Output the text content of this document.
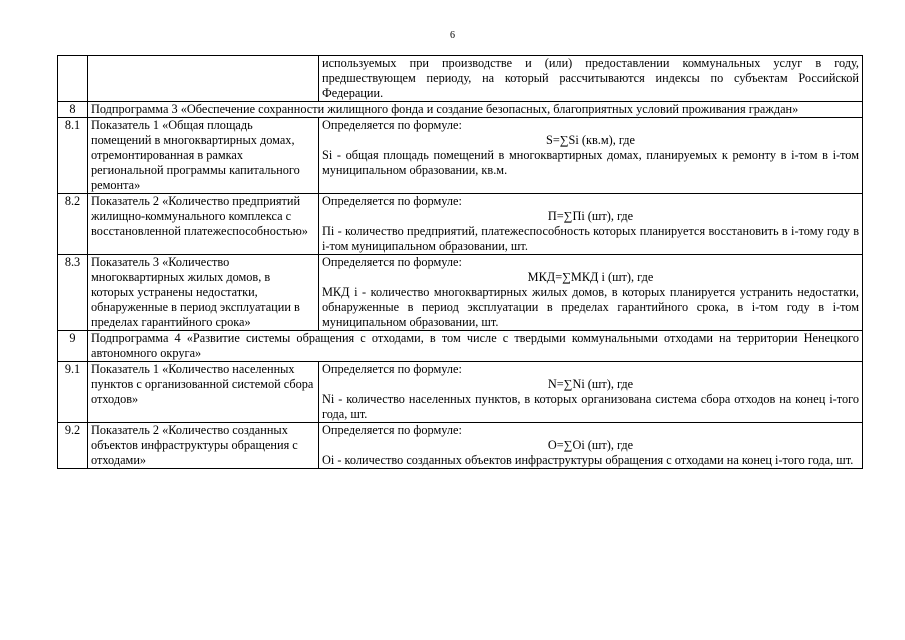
6
		используемых при производстве и (или) предоставлении коммунальных услуг в году, предшествующем периоду, на который рассчитываются индексы по субъектам Российской Федерации.
8	Подпрограмма 3 «Обеспечение сохранности жилищного фонда и создание безопасных, благоприятных условий проживания граждан»	
8.1	Показатель 1 «Общая площадь помещений в многоквартирных домах, отремонтированная в рамках региональной программы капитального ремонта»	Определяется по формуле:
S=∑Si (кв.м), где
Si - общая площадь помещений в многоквартирных домах, планируемых к ремонту в i-том в i-том муниципальном образовании, кв.м.

8.2	Показатель 2 «Количество предприятий жилищно-коммунального комплекса с восстановленной платежеспособностью»	Определяется по формуле:
П=∑Пi (шт), где
Пi - количество предприятий, платежеспособность которых планируется восстановить в i-тому году в i-том муниципальном образовании, шт.

8.3	Показатель 3 «Количество многоквартирных жилых домов, в которых устранены недостатки, обнаруженные в период эксплуатации в пределах гарантийного срока»	Определяется по формуле:
МКД=∑МКД i (шт), где
МКД i - количество многоквартирных жилых домов, в которых планируется устранить недостатки, обнаруженные в период эксплуатации в пределах гарантийного срока, в i-том году в i-том муниципальном образовании, шт.

9	Подпрограмма 4 «Развитие системы обращения с отходами, в том числе с твердыми коммунальными отходами на территории Ненецкого автономного округа»	
9.1	Показатель 1 «Количество населенных пунктов с организованной системой сбора отходов»	Определяется по формуле:
N=∑Ni (шт), где
Ni - количество населенных пунктов, в которых организована система сбора отходов на конец i-того года, шт.

9.2	Показатель 2 «Количество созданных объектов инфраструктуры обращения с отходами»	Определяется по формуле:
O=∑Oi (шт), где
Oi - количество созданных объектов инфраструктуры обращения с отходами на конец i-того года, шт.
